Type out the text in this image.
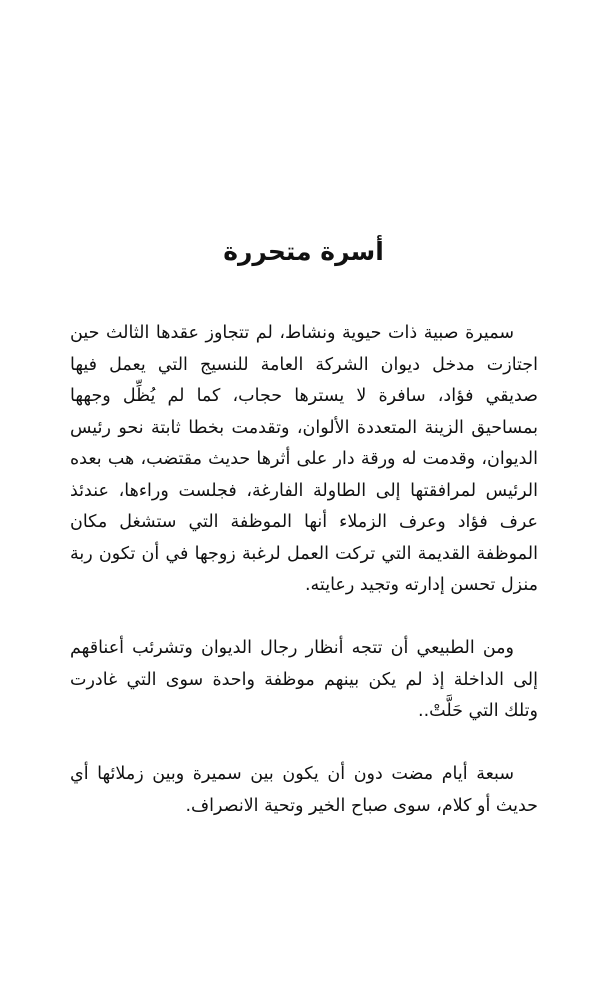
أسرة متحررة

سميرة صبية ذات حيوية ونشاط، لم تتجاوز عقدها الثالث حين اجتازت مدخل ديوان الشركة العامة للنسيج التي يعمل فيها صديقي فؤاد، سافرة لا يسترها حجاب، كما لم يُظِّل وجهها بمساحيق الزينة المتعددة الألوان، وتقدمت بخطا ثابتة نحو رئيس الديوان، وقدمت له ورقة دار على أثرها حديث مقتضب، هب بعده الرئيس لمرافقتها إلى الطاولة الفارغة، فجلست وراءها، عندئذ عرف فؤاد وعرف الزملاء أنها الموظفة التي ستشغل مكان الموظفة القديمة التي تركت العمل لرغبة زوجها في أن تكون ربة منزل تحسن إدارته وتجيد رعايته.

ومن الطبيعي أن تتجه أنظار رجال الديوان وتشرئب أعناقهم إلى الداخلة إذ لم يكن بينهم موظفة واحدة سوى التي غادرت وتلك التي حَلَّتْ..

سبعة أيام مضت دون أن يكون بين سميرة وبين زملائها أي حديث أو كلام، سوى صباح الخير وتحية الانصراف.
